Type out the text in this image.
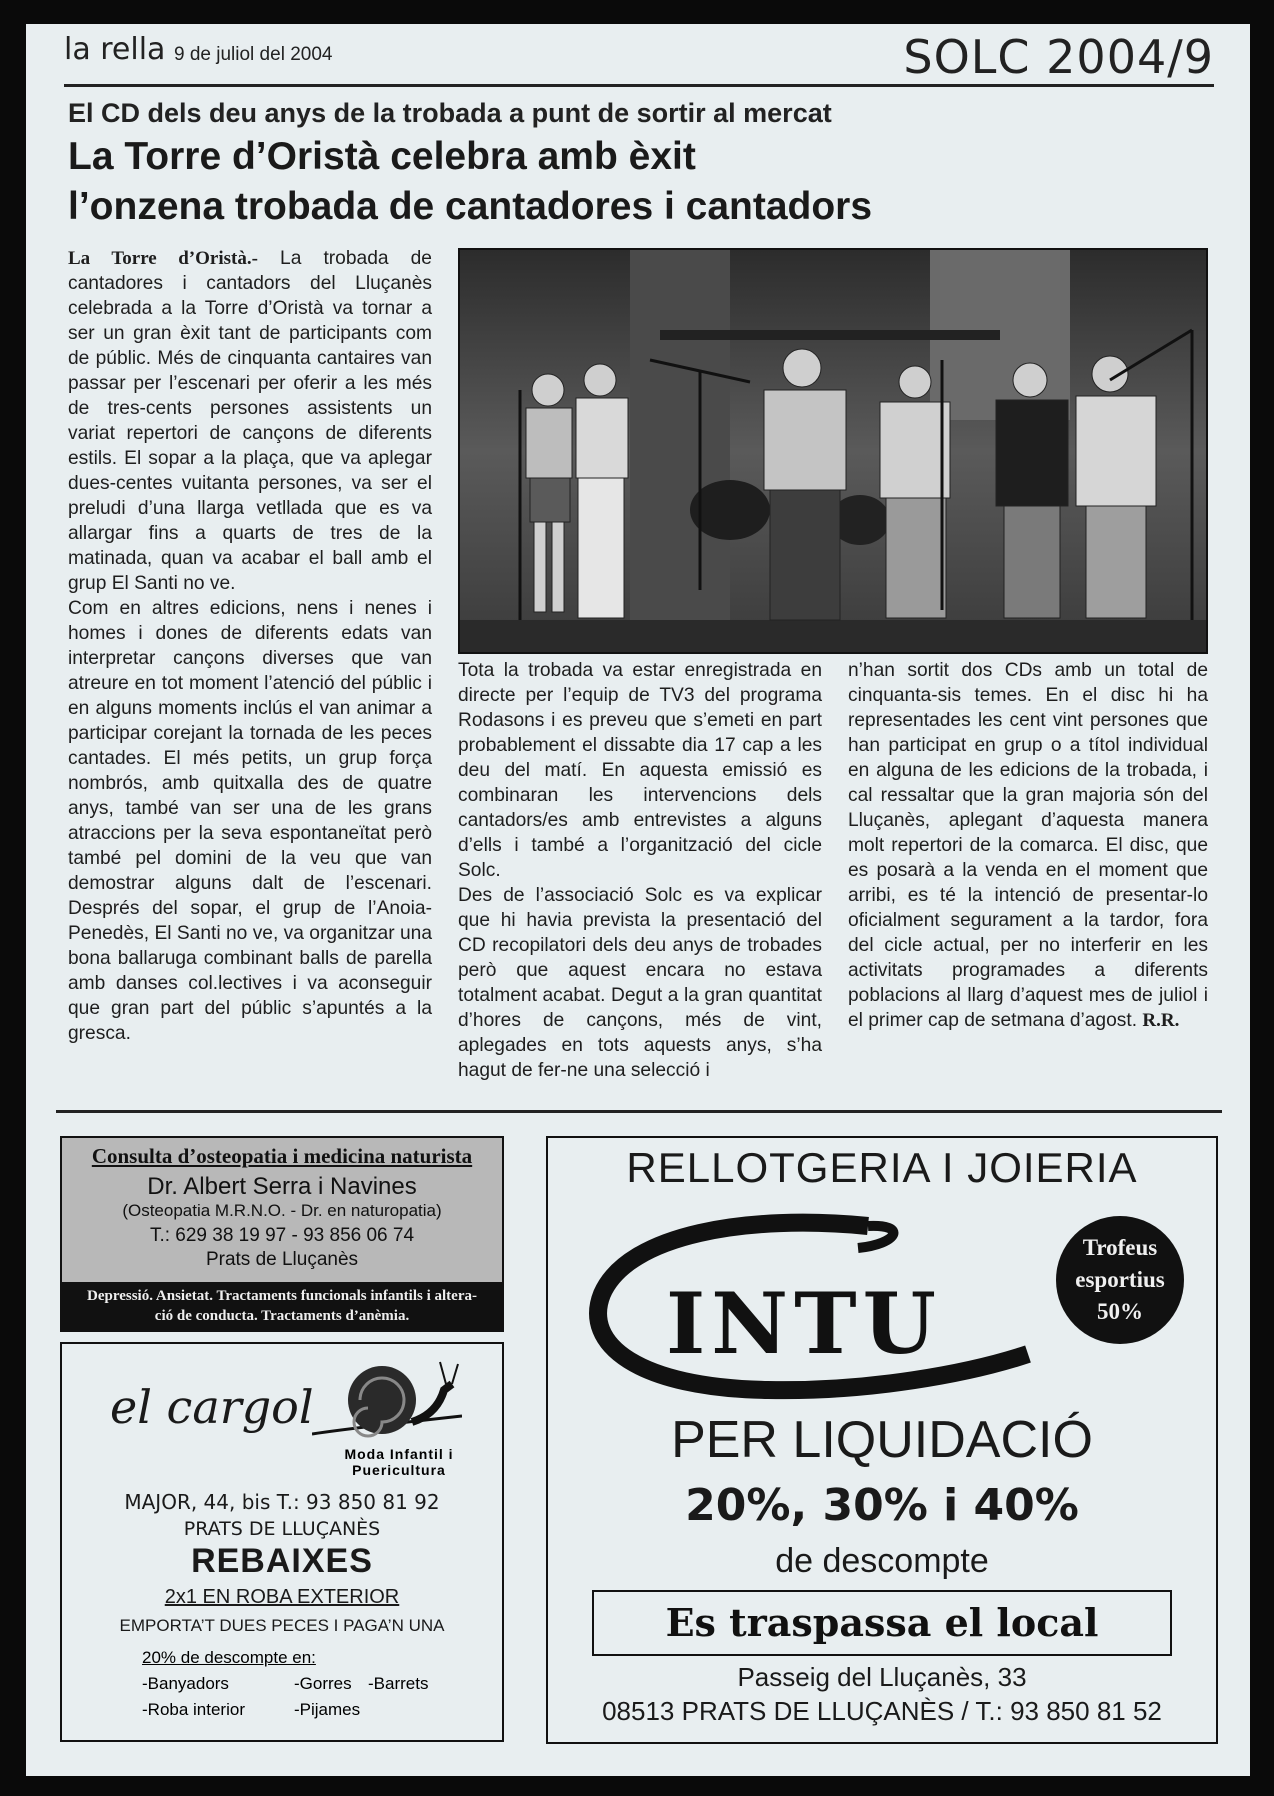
la rella 9 de juliol del 2004	SOLC 2004/9
El CD dels deu anys de la trobada a punt de sortir al mercat
La Torre d’Oristà celebra amb èxit
l’onzena trobada de cantadores i cantadors

La Torre d’Oristà.- La trobada de cantadores i cantadors del Lluçanès celebrada a la Torre d’Oristà va tornar a ser un gran èxit tant de participants com de públic. Més de cinquanta cantaires van passar per l’escenari per oferir a les més de tres-cents persones assistents un variat repertori de cançons de diferents estils. El sopar a la plaça, que va aplegar dues-centes vuitanta persones, va ser el preludi d’una llarga vetllada que es va allargar fins a quarts de tres de la matinada, quan va acabar el ball amb el grup El Santi no ve.

Com en altres edicions, nens i nenes i homes i dones de diferents edats van interpretar cançons diverses que van atreure en tot moment l’atenció del públic i en alguns moments inclús el van animar a participar corejant la tornada de les peces cantades. El més petits, un grup força nombrós, amb quitxalla des de quatre anys, també van ser una de les grans atraccions per la seva espontaneïtat però també pel domini de la veu que van demostrar alguns dalt de l’escenari. Després del sopar, el grup de l’Anoia-Penedès, El Santi no ve, va organitzar una bona ballaruga combinant balls de parella amb danses col.lectives i va aconseguir que gran part del públic s’apuntés a la gresca.

Tota la trobada va estar enregistrada en directe per l’equip de TV3 del programa Rodasons i es preveu que s’emeti en part probablement el dissabte dia 17 cap a les deu del matí. En aquesta emissió es combinaran les intervencions dels cantadors/es amb entrevistes a alguns d’ells i també a l’organització del cicle Solc.

Des de l’associació Solc es va explicar que hi havia prevista la presentació del CD recopilatori dels deu anys de trobades però que aquest encara no estava totalment acabat. Degut a la gran quantitat d’hores de cançons, més de vint, aplegades en tots aquests anys, s’ha hagut de fer-ne una selecció i

n’han sortit dos CDs amb un total de cinquanta-sis temes. En el disc hi ha representades les cent vint persones que han participat en grup o a títol individual en alguna de les edicions de la trobada, i cal ressaltar que la gran majoria són del Lluçanès, aplegant d’aquesta manera molt repertori de la comarca. El disc, que es posarà a la venda en el moment que arribi, es té la intenció de presentar-lo oficialment segurament a la tardor, fora del cicle actual, per no interferir en les activitats programades a diferents poblacions al llarg d’aquest mes de juliol i el primer cap de setmana d’agost. R.R.

Consulta d’osteopatia i medicina naturista
Dr. Albert Serra i Navines
(Osteopatia M.R.N.O. - Dr. en naturopatia)
T.: 629 38 19 97 - 93 856 06 74
Prats de Lluçanès
Depressió. Ansietat. Tractaments funcionals infantils i altera-
ció de conducta. Tractaments d’anèmia.
el cargol
Moda Infantil i
Puericultura
MAJOR, 44, bis T.: 93 850 81 92
PRATS DE LLUÇANÈS
REBAIXES
2x1 EN ROBA EXTERIOR
EMPORTA’T DUES PECES I PAGA’N UNA
20% de descompte en:
-Banyadors	-Gorres -Barrets
-Roba interior	-Pijames
RELLOTGERIA I JOIERIA
INTU
Trofeus
esportius
50%
PER LIQUIDACIÓ
20%, 30% i 40%
de descompte
Es traspassa el local
Passeig del Lluçanès, 33
08513 PRATS DE LLUÇANÈS / T.: 93 850 81 52
